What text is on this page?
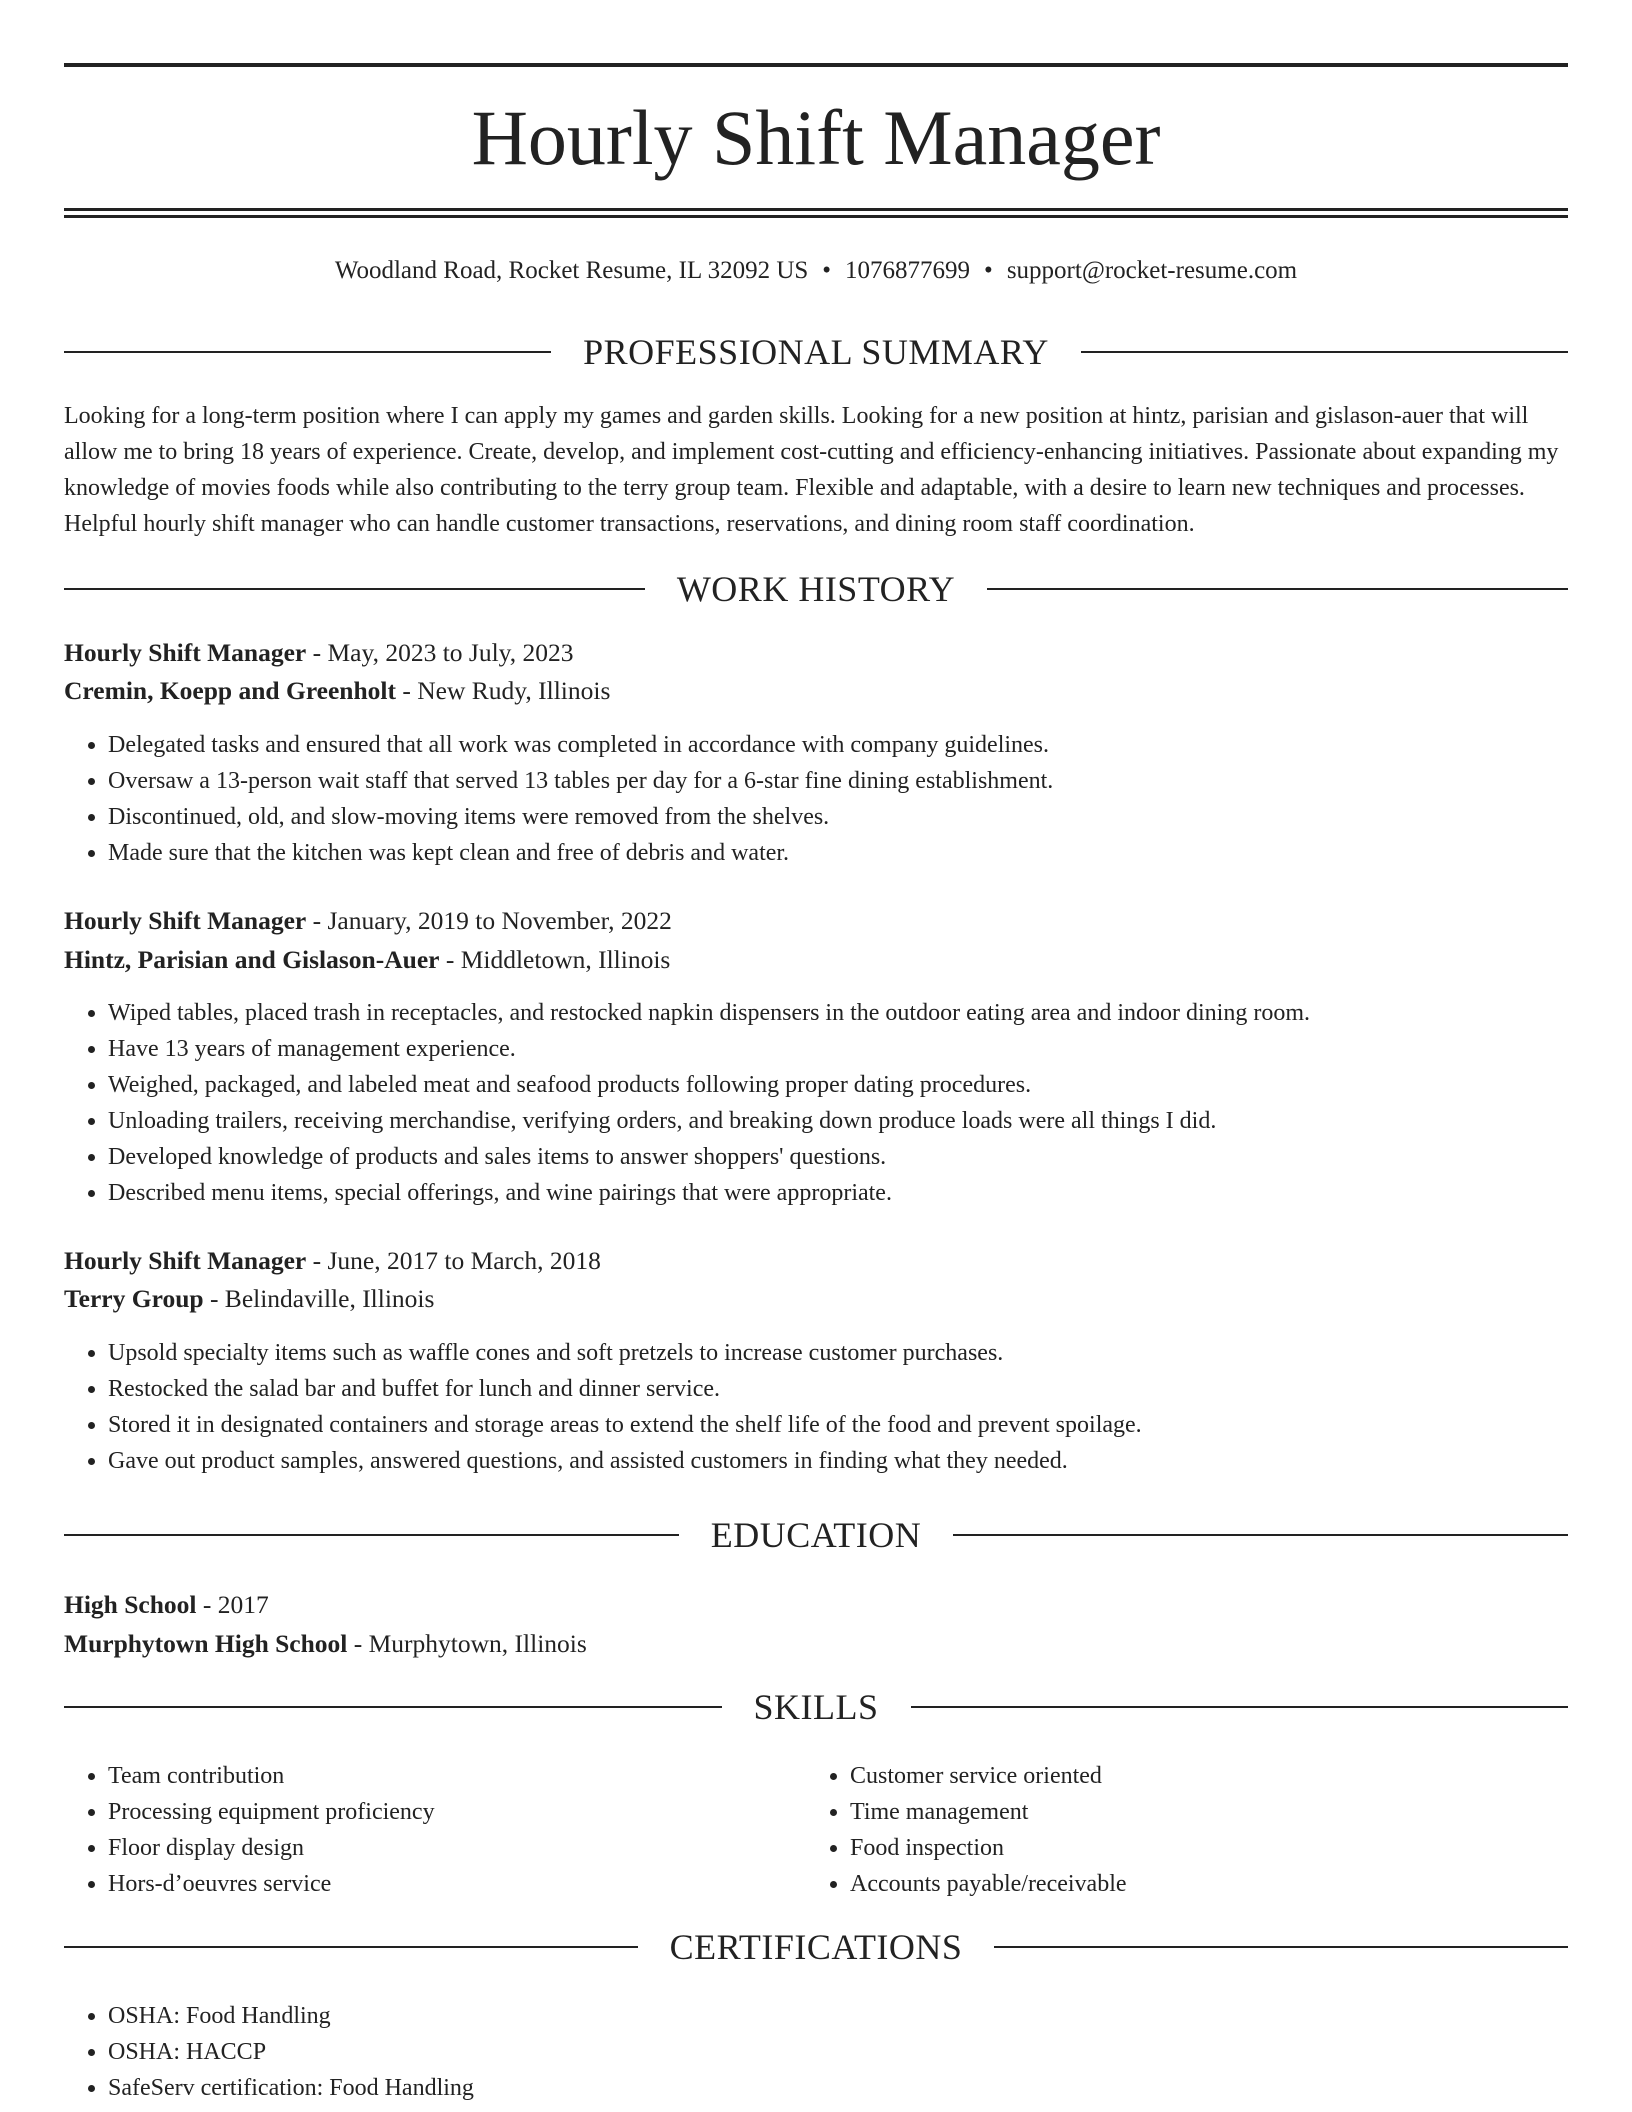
Hourly Shift Manager
Woodland Road, Rocket Resume, IL 32092 US • 1076877699 • support@rocket-resume.com
PROFESSIONAL SUMMARY

Looking for a long-term position where I can apply my games and garden skills. Looking for a new position at hintz, parisian and gislason-auer that will allow me to bring 18 years of experience. Create, develop, and implement cost-cutting and efficiency-enhancing initiatives. Passionate about expanding my knowledge of movies foods while also contributing to the terry group team. Flexible and adaptable, with a desire to learn new techniques and processes. Helpful hourly shift manager who can handle customer transactions, reservations, and dining room staff coordination.

WORK HISTORY
Hourly Shift Manager - May, 2023 to July, 2023
Cremin, Koepp and Greenholt - New Rudy, Illinois
• Delegated tasks and ensured that all work was completed in accordance with company guidelines.
• Oversaw a 13-person wait staff that served 13 tables per day for a 6-star fine dining establishment.
• Discontinued, old, and slow-moving items were removed from the shelves.
• Made sure that the kitchen was kept clean and free of debris and water.
Hourly Shift Manager - January, 2019 to November, 2022
Hintz, Parisian and Gislason-Auer - Middletown, Illinois
• Wiped tables, placed trash in receptacles, and restocked napkin dispensers in the outdoor eating area and indoor dining room.
• Have 13 years of management experience.
• Weighed, packaged, and labeled meat and seafood products following proper dating procedures.
• Unloading trailers, receiving merchandise, verifying orders, and breaking down produce loads were all things I did.
• Developed knowledge of products and sales items to answer shoppers' questions.
• Described menu items, special offerings, and wine pairings that were appropriate.
Hourly Shift Manager - June, 2017 to March, 2018
Terry Group - Belindaville, Illinois
• Upsold specialty items such as waffle cones and soft pretzels to increase customer purchases.
• Restocked the salad bar and buffet for lunch and dinner service.
• Stored it in designated containers and storage areas to extend the shelf life of the food and prevent spoilage.
• Gave out product samples, answered questions, and assisted customers in finding what they needed.
EDUCATION
High School - 2017
Murphytown High School - Murphytown, Illinois
SKILLS
• Team contribution
• Processing equipment proficiency
• Floor display design
• Hors-d’oeuvres service
• Customer service oriented
• Time management
• Food inspection
• Accounts payable/receivable
CERTIFICATIONS
• OSHA: Food Handling
• OSHA: HACCP
• SafeServ certification: Food Handling
